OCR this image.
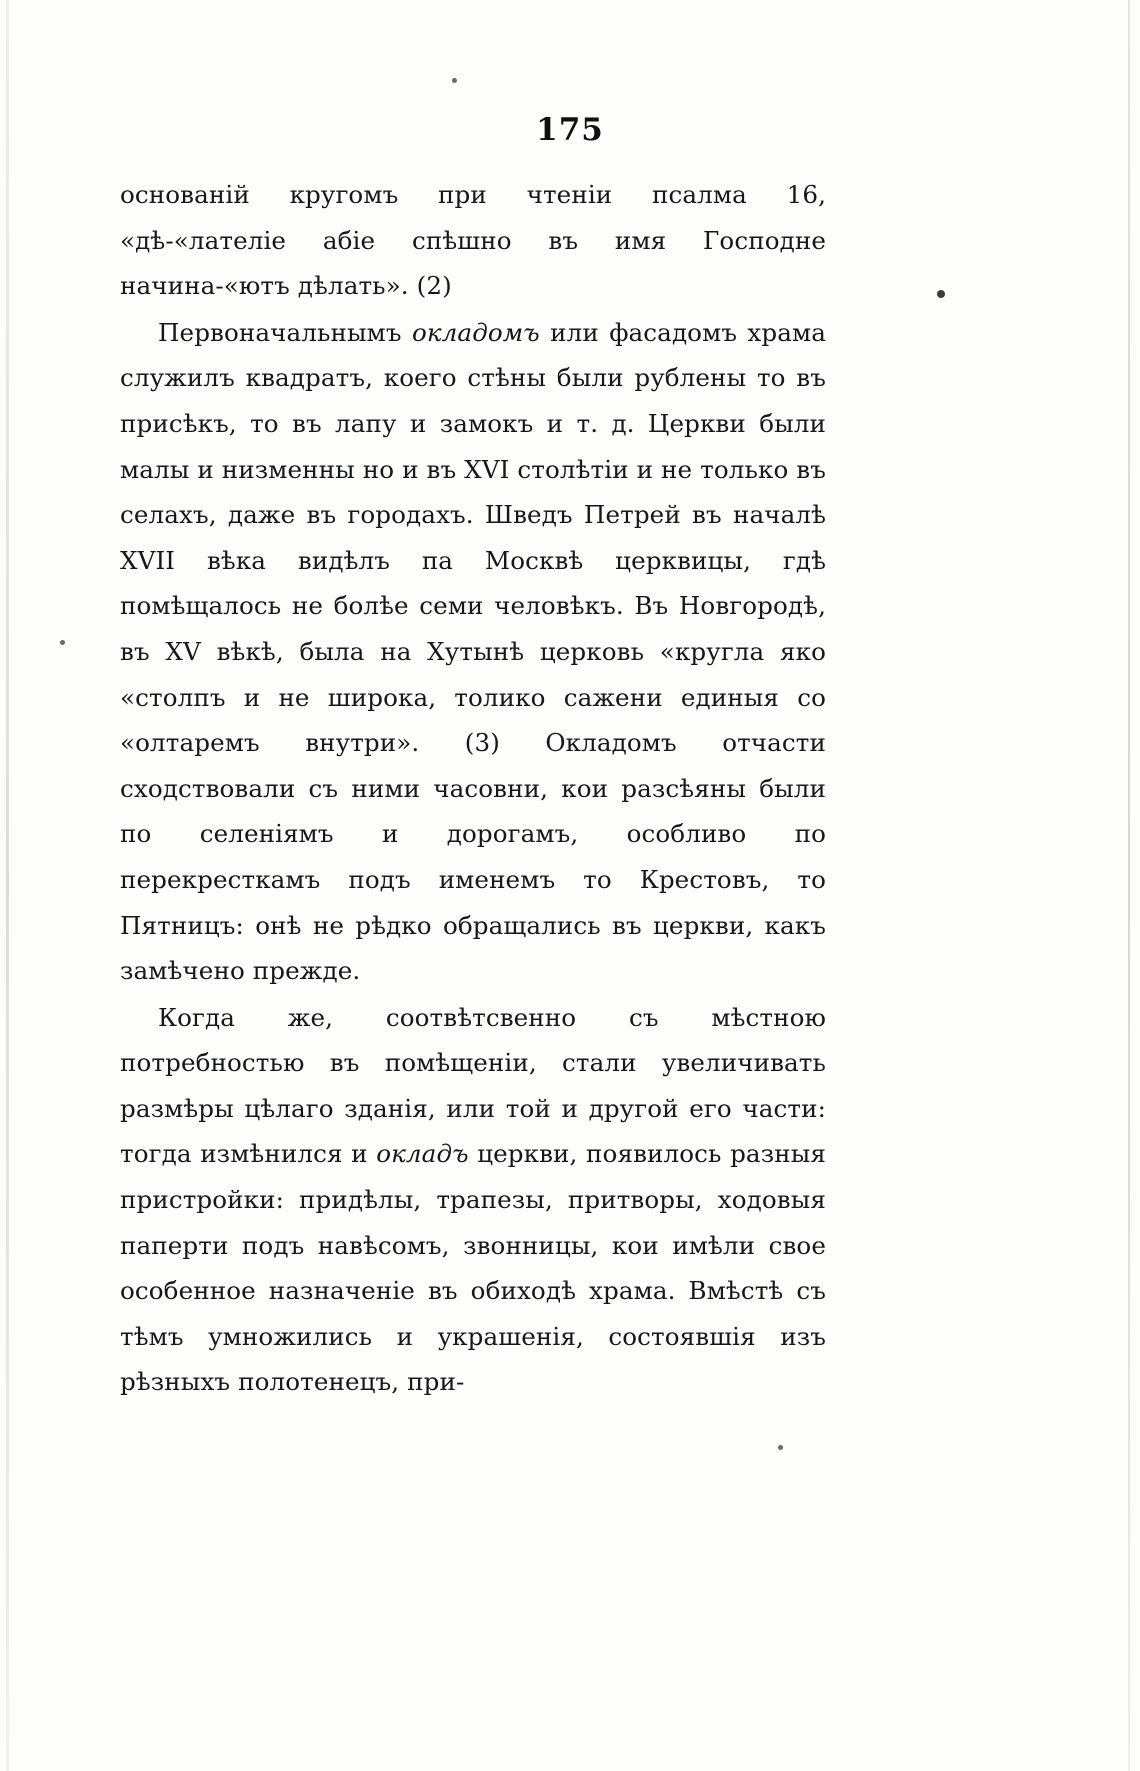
175

основаній кругомъ при чтеніи псалма 16, «дѣ-«лателіе абіе спѣшно въ имя Господне начина-«ютъ дѣлать». (2)

Первоначальнымъ окладомъ или фасадомъ храма служилъ квадратъ, коего стѣны были рублены то въ присѣкъ, то въ лапу и замокъ и т. д. Церкви были малы и низменны но и въ XVI столѣтіи и не только въ селахъ, даже въ городахъ. Шведъ Петрей въ началѣ XVII вѣка видѣлъ па Москвѣ церквицы, гдѣ помѣщалось не болѣе семи человѣкъ. Въ Новгородѣ, въ XV вѣкѣ, была на Хутынѣ церковь «кругла яко «столпъ и не широка, толико сажени единыя со «олтаремъ внутри». (3) Окладомъ отчасти сходствовали съ ними часовни, кои разсѣяны были по селеніямъ и дорогамъ, особливо по перекресткамъ подъ именемъ то Крестовъ, то Пятницъ: онѣ не рѣдко обращались въ церкви, какъ замѣчено прежде.

Когда же, соотвѣтсвенно съ мѣстною потребностью въ помѣщеніи, стали увеличивать размѣры цѣлаго зданія, или той и другой его части: тогда измѣнился и окладъ церкви, появилось разныя пристройки: придѣлы, трапезы, притворы, ходовыя паперти подъ навѣсомъ, звонницы, кои имѣли свое особенное назначеніе въ обиходѣ храма. Вмѣстѣ съ тѣмъ умножились и украшенія, состоявшія изъ рѣзныхъ полотенецъ, при-
